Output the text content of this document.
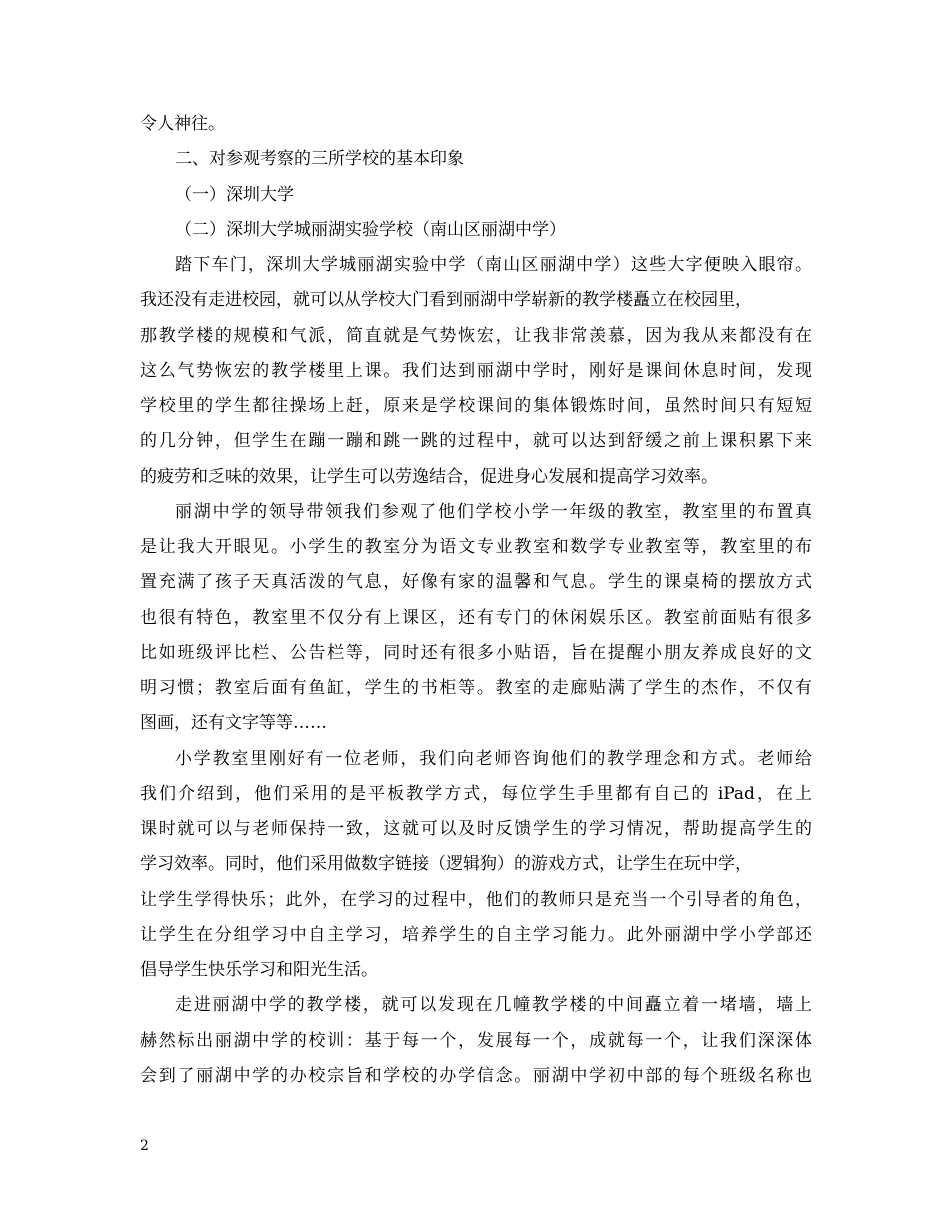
令人神往。
二、对参观考察的三所学校的基本印象
（一）深圳大学
（二）深圳大学城丽湖实验学校（南山区丽湖中学）
踏下车门，深圳大学城丽湖实验中学（南山区丽湖中学）这些大字便映入眼帘。
我还没有走进校园，就可以从学校大门看到丽湖中学崭新的教学楼矗立在校园里，
那教学楼的规模和气派，简直就是气势恢宏，让我非常羡慕，因为我从来都没有在
这么气势恢宏的教学楼里上课。我们达到丽湖中学时，刚好是课间休息时间，发现
学校里的学生都往操场上赶，原来是学校课间的集体锻炼时间，虽然时间只有短短
的几分钟，但学生在蹦一蹦和跳一跳的过程中，就可以达到舒缓之前上课积累下来
的疲劳和乏味的效果，让学生可以劳逸结合，促进身心发展和提高学习效率。
丽湖中学的领导带领我们参观了他们学校小学一年级的教室，教室里的布置真
是让我大开眼见。小学生的教室分为语文专业教室和数学专业教室等，教室里的布
置充满了孩子天真活泼的气息，好像有家的温馨和气息。学生的课桌椅的摆放方式
也很有特色，教室里不仅分有上课区，还有专门的休闲娱乐区。教室前面贴有很多
比如班级评比栏、公告栏等，同时还有很多小贴语，旨在提醒小朋友养成良好的文
明习惯；教室后面有鱼缸，学生的书柜等。教室的走廊贴满了学生的杰作，不仅有
图画，还有文字等等……
小学教室里刚好有一位老师，我们向老师咨询他们的教学理念和方式。老师给
我们介绍到，他们采用的是平板教学方式，每位学生手里都有自己的 iPad，在上
课时就可以与老师保持一致，这就可以及时反馈学生的学习情况，帮助提高学生的
学习效率。同时，他们采用做数字链接（逻辑狗）的游戏方式，让学生在玩中学，
让学生学得快乐；此外，在学习的过程中，他们的教师只是充当一个引导者的角色，
让学生在分组学习中自主学习，培养学生的自主学习能力。此外丽湖中学小学部还
倡导学生快乐学习和阳光生活。
走进丽湖中学的教学楼，就可以发现在几幢教学楼的中间矗立着一堵墙，墙上
赫然标出丽湖中学的校训：基于每一个，发展每一个，成就每一个，让我们深深体
会到了丽湖中学的办校宗旨和学校的办学信念。丽湖中学初中部的每个班级名称也
2
